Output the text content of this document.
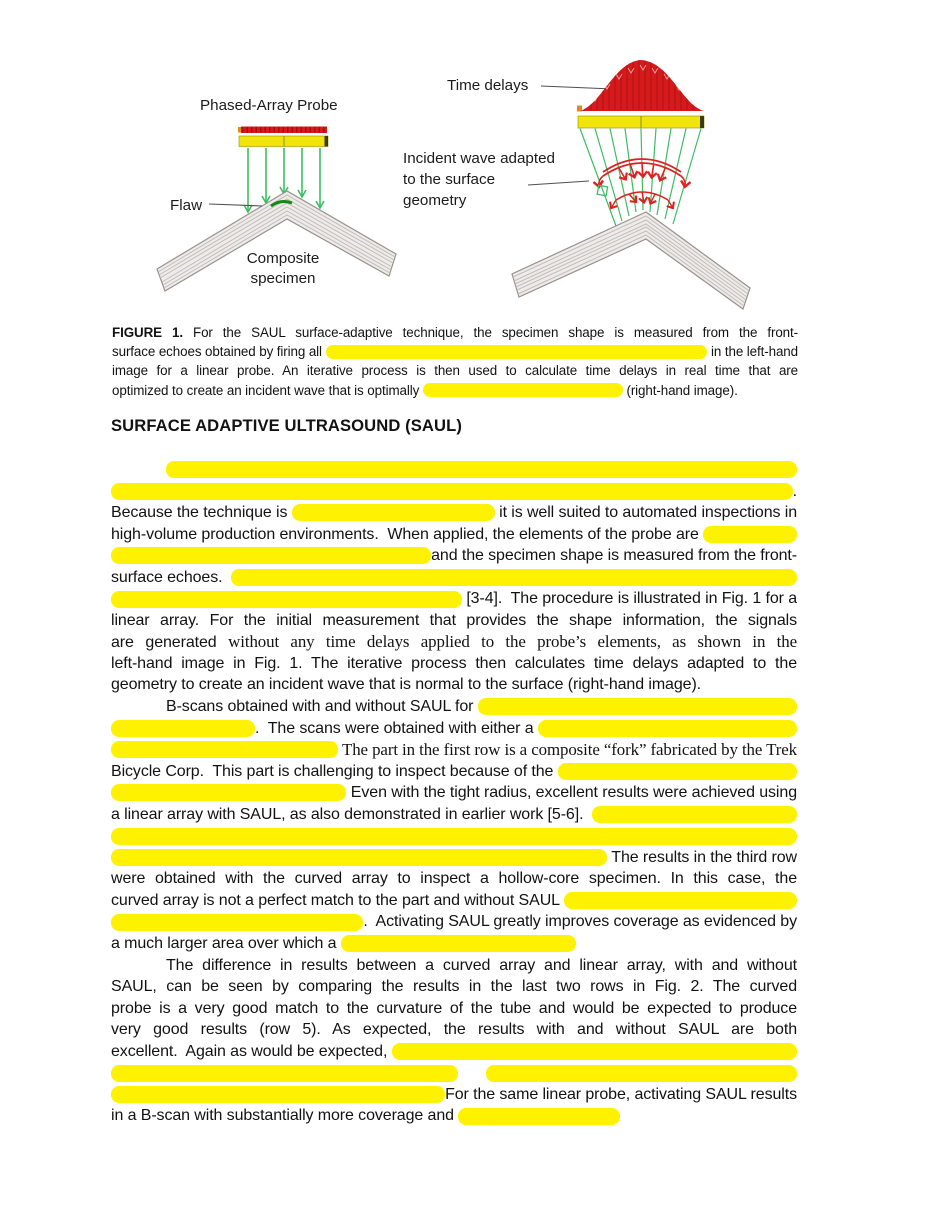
Phased-Array Probe
Flaw
Composite
specimen
Time delays
Incident wave adapted
to the surface
geometry
FIGURE 1. For the SAUL surface-adaptive technique, the specimen shape is measured from the front-
surface echoes obtained by firing all	in the left-hand
image for a linear probe. An iterative process is then used to calculate time delays in real time that are
optimized to create an incident wave that is optimally	(right-hand image).
SURFACE ADAPTIVE ULTRASOUND (SAUL)
.
Because the technique is	it is well suited to automated inspections in
high-volume production environments.  When applied, the elements of the probe are
and the specimen shape is measured from the front-
surface echoes.
[3-4].  The procedure is illustrated in Fig. 1 for a
linear array. For the initial measurement that provides the shape information, the signals
are generated without any time delays applied to the probe’s elements, as shown in the
left-hand image in Fig. 1. The iterative process then calculates time delays adapted to the
geometry to create an incident wave that is normal to the surface (right-hand image).
B-scans obtained with and without SAUL for
.  The scans were obtained with either a
The part in the first row is a composite “fork” fabricated by the Trek
Bicycle Corp.  This part is challenging to inspect because of the
Even with the tight radius, excellent results were achieved using
a linear array with SAUL, as also demonstrated in earlier work [5-6].
The results in the third row
were obtained with the curved array to inspect a hollow-core specimen. In this case, the
curved array is not a perfect match to the part and without SAUL
.  Activating SAUL greatly improves coverage as evidenced by
a much larger area over which a
The difference in results between a curved array and linear array, with and without
SAUL, can be seen by comparing the results in the last two rows in Fig. 2. The curved
probe is a very good match to the curvature of the tube and would be expected to produce
very good results (row 5). As expected, the results with and without SAUL are both
excellent.  Again as would be expected,
For the same linear probe, activating SAUL results
in a B-scan with substantially more coverage and
